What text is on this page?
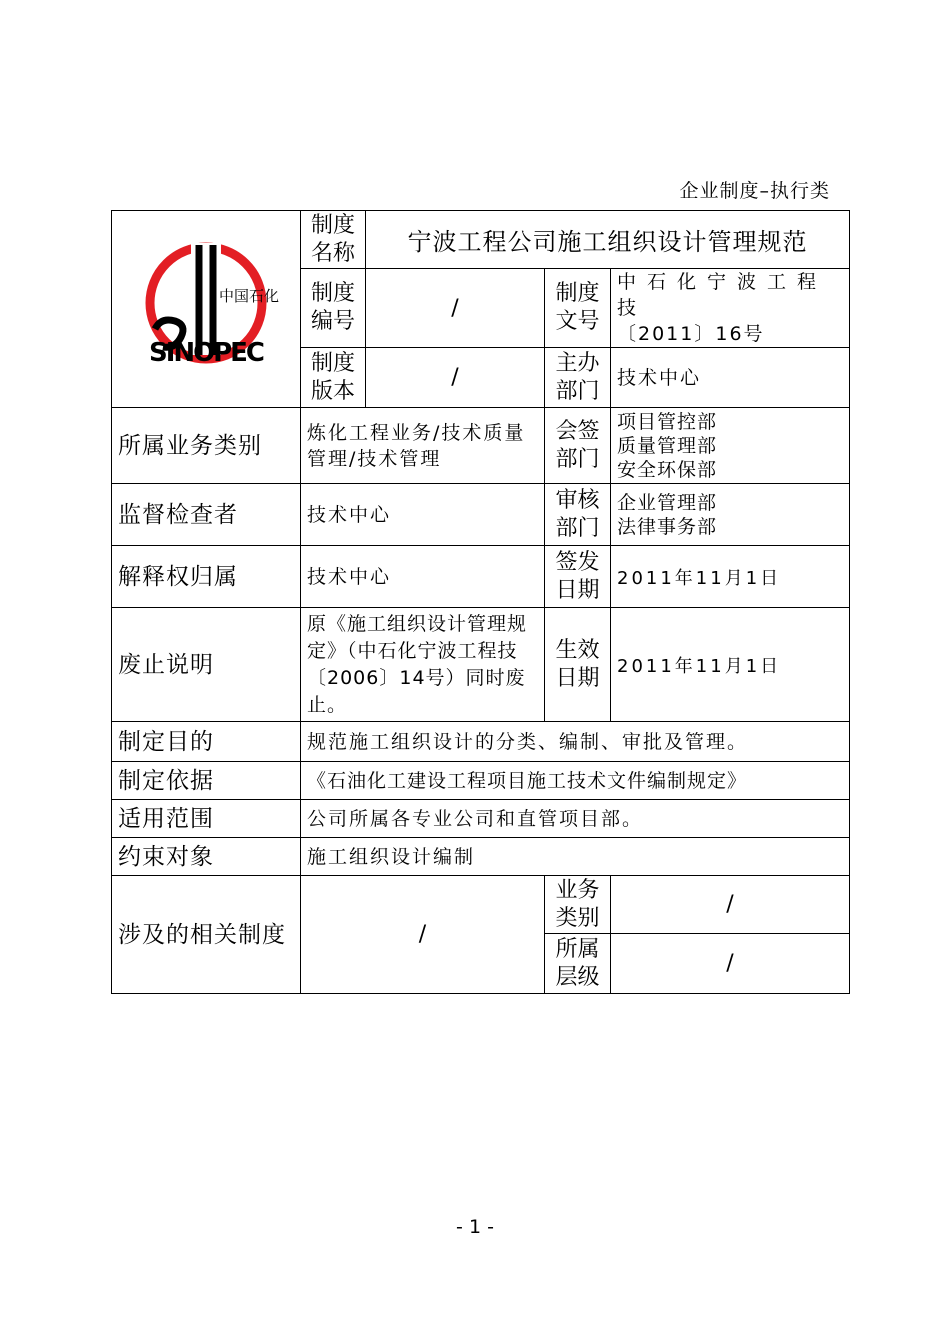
企业制度–执行类
中国石化
SINOPEC	制度名称	宁波工程公司施工组织设计管理规范		
	制度编号	/	制度文号	中石化宁波工程技
〔2011〕16号

	制度版本	/	主办部门	技术中心
所属业务类别	炼化工程业务/技术质量管理/技术管理		会签部门	项目管控部
质量管理部
安全环保部

监督检查者	技术中心		审核部门	企业管理部
法律事务部

解释权归属	技术中心		签发日期	2011年11月1日
废止说明	原《施工组织设计管理规定》（中石化宁波工程技〔2006〕14号）同时废止。		生效日期	2011年11月1日
制定目的	规范施工组织设计的分类、编制、审批及管理。			
制定依据	《石油化工建设工程项目施工技术文件编制规定》			
适用范围	公司所属各专业公司和直管项目部。			
约束对象	施工组织设计编制			
涉及的相关制度	/		业务类别	/
			所属层级	/
- 1 -
